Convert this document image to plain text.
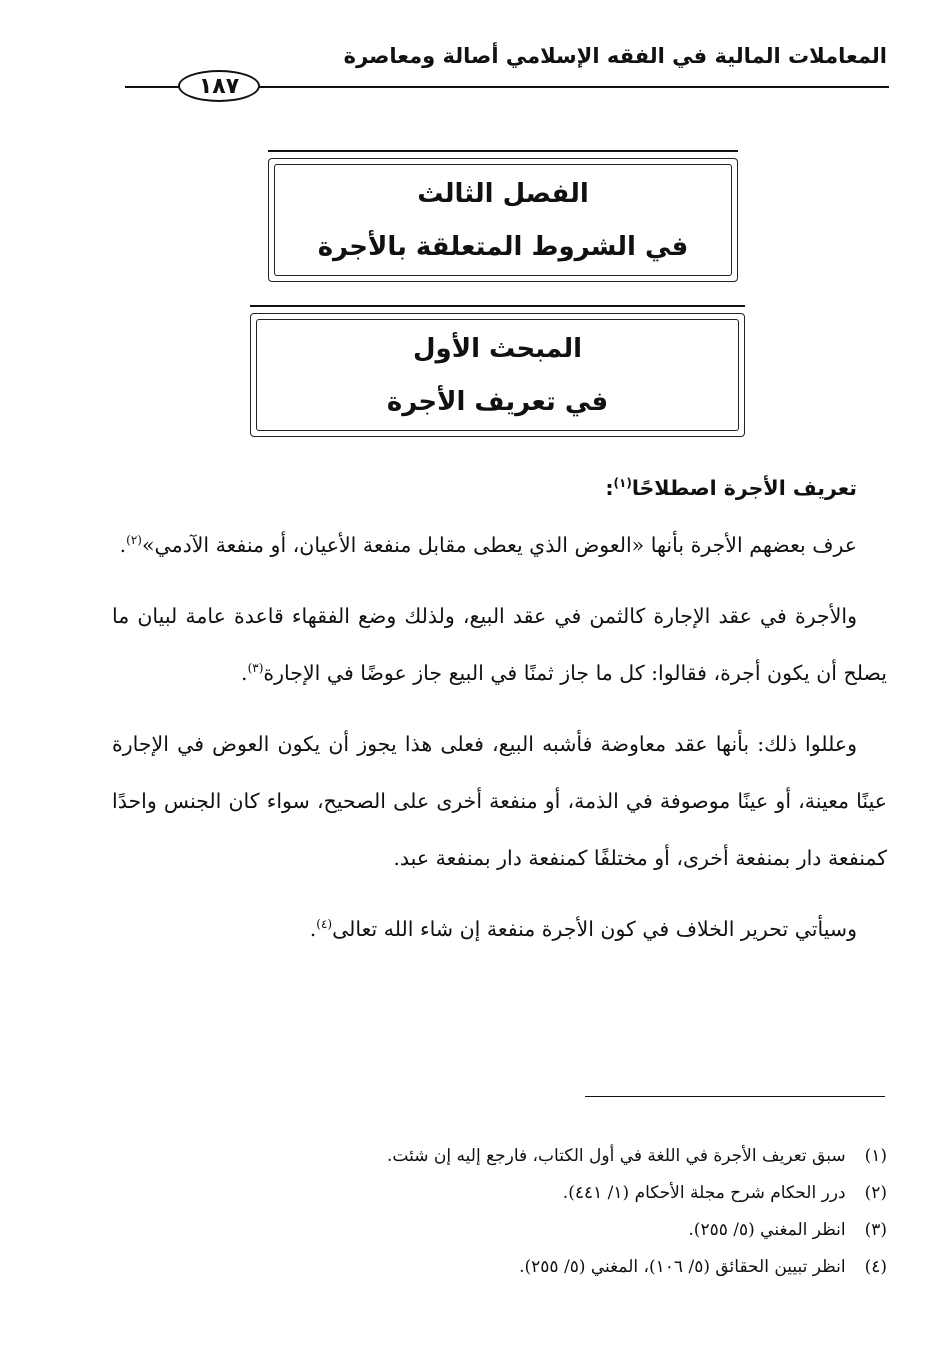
المعاملات المالية في الفقه الإسلامي أصالة ومعاصرة
١٨٧
الفصل الثالث
في الشروط المتعلقة بالأجرة
المبحث الأول
في تعريف الأجرة

تعريف الأجرة اصطلاحًا$^{(١)}$:

عرف بعضهم الأجرة بأنها «العوض الذي يعطى مقابل منفعة الأعيان، أو منفعة الآدمي»$^{(٢)}$.

والأجرة في عقد الإجارة كالثمن في عقد البيع، ولذلك وضع الفقهاء قاعدة عامة لبيان ما يصلح أن يكون أجرة، فقالوا: كل ما جاز ثمنًا في البيع جاز عوضًا في الإجارة$^{(٣)}$.

وعللوا ذلك: بأنها عقد معاوضة فأشبه البيع، فعلى هذا يجوز أن يكون العوض في الإجارة عينًا معينة، أو عينًا موصوفة في الذمة، أو منفعة أخرى على الصحيح، سواء كان الجنس واحدًا كمنفعة دار بمنفعة أخرى، أو مختلفًا كمنفعة دار بمنفعة عبد.

وسيأتي تحرير الخلاف في كون الأجرة منفعة إن شاء الله تعالى$^{(٤)}$.

(١) سبق تعريف الأجرة في اللغة في أول الكتاب، فارجع إليه إن شئت.
(٢) درر الحكام شرح مجلة الأحكام (١/ ٤٤١).
(٣) انظر المغني (٥/ ٢٥٥).
(٤) انظر تبيين الحقائق (٥/ ١٠٦)، المغني (٥/ ٢٥٥).
